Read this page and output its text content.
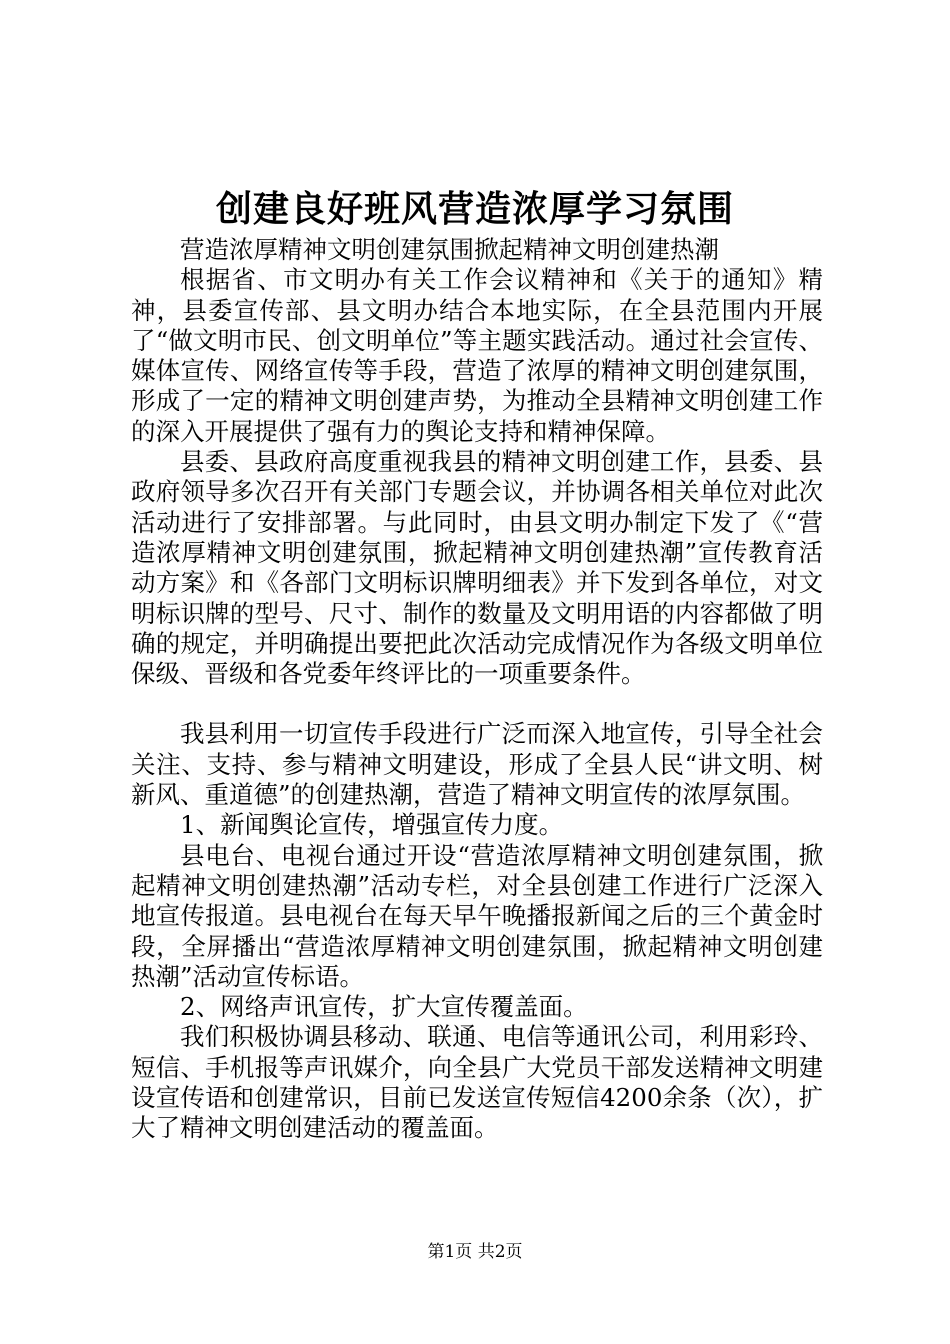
创建良好班风营造浓厚学习氛围

营造浓厚精神文明创建氛围掀起精神文明创建热潮

根据省、市文明办有关工作会议精神和《关于的通知》精神，县委宣传部、县文明办结合本地实际，在全县范围内开展了“做文明市民、创文明单位”等主题实践活动。通过社会宣传、媒体宣传、网络宣传等手段，营造了浓厚的精神文明创建氛围，形成了一定的精神文明创建声势，为推动全县精神文明创建工作的深入开展提供了强有力的舆论支持和精神保障。

县委、县政府高度重视我县的精神文明创建工作，县委、县政府领导多次召开有关部门专题会议，并协调各相关单位对此次活动进行了安排部署。与此同时，由县文明办制定下发了《“营造浓厚精神文明创建氛围，掀起精神文明创建热潮”宣传教育活动方案》和《各部门文明标识牌明细表》并下发到各单位，对文明标识牌的型号、尺寸、制作的数量及文明用语的内容都做了明确的规定，并明确提出要把此次活动完成情况作为各级文明单位保级、晋级和各党委年终评比的一项重要条件。

我县利用一切宣传手段进行广泛而深入地宣传，引导全社会关注、支持、参与精神文明建设，形成了全县人民“讲文明、树新风、重道德”的创建热潮，营造了精神文明宣传的浓厚氛围。

1、新闻舆论宣传，增强宣传力度。

县电台、电视台通过开设“营造浓厚精神文明创建氛围，掀起精神文明创建热潮”活动专栏，对全县创建工作进行广泛深入地宣传报道。县电视台在每天早午晚播报新闻之后的三个黄金时段，全屏播出“营造浓厚精神文明创建氛围，掀起精神文明创建热潮”活动宣传标语。

2、网络声讯宣传，扩大宣传覆盖面。

我们积极协调县移动、联通、电信等通讯公司，利用彩玲、短信、手机报等声讯媒介，向全县广大党员干部发送精神文明建设宣传语和创建常识，目前已发送宣传短信4200余条（次），扩大了精神文明创建活动的覆盖面。

第1页 共2页
